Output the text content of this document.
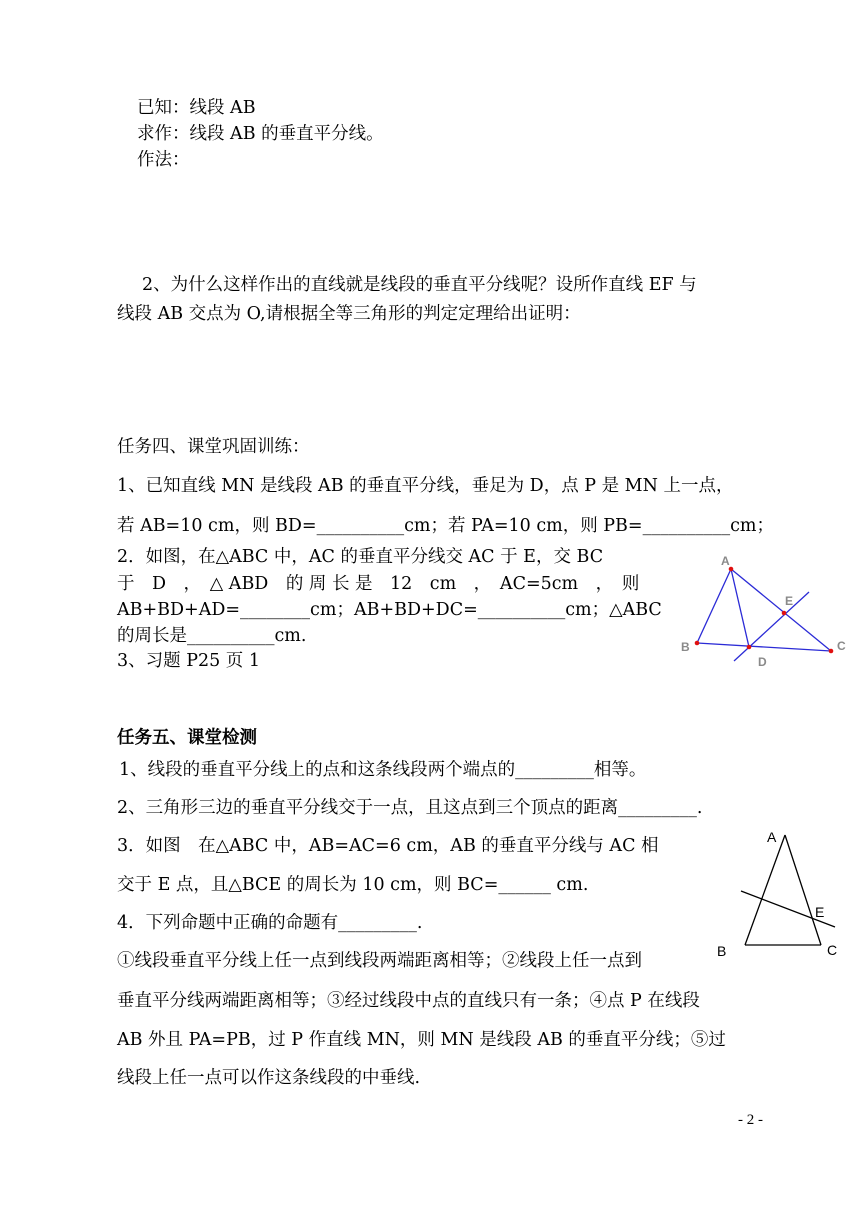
已知：线段 AB
求作：线段 AB 的垂直平分线。
作法：
2、为什么这样作出的直线就是线段的垂直平分线呢？设所作直线 EF 与
线段 AB 交点为 O,请根据全等三角形的判定定理给出证明：
任务四、课堂巩固训练：
1、已知直线 MN 是线段 AB 的垂直平分线，垂足为 D，点 P 是 MN 上一点，
若 AB=10 cm，则 BD=__________cm；若 PA=10 cm，则 PB=__________cm；
2．如图，在△ABC 中，AC 的垂直平分线交 AC 于 E，交 BC
于　D　，　△ ABD　的 周 长 是　12　cm　，　AC=5cm　，　则
AB+BD+AD=________cm；AB+BD+DC=__________cm；△ABC
的周长是__________cm.
3、习题 P25 页 1
A
B	C
D
E
任务五、课堂检测
1、线段的垂直平分线上的点和这条线段两个端点的_________相等。
2、三角形三边的垂直平分线交于一点，且这点到三个顶点的距离_________.
3．如图　在△ABC 中，AB=AC=6 cm，AB 的垂直平分线与 AC 相
交于 E 点，且△BCE 的周长为 10 cm，则 BC=______ cm.
4．下列命题中正确的命题有_________.
①线段垂直平分线上任一点到线段两端距离相等；②线段上任一点到
垂直平分线两端距离相等；③经过线段中点的直线只有一条；④点 P 在线段
AB 外且 PA=PB，过 P 作直线 MN，则 MN 是线段 AB 的垂直平分线；⑤过
线段上任一点可以作这条线段的中垂线.
A
B	C
E
- 2 -
